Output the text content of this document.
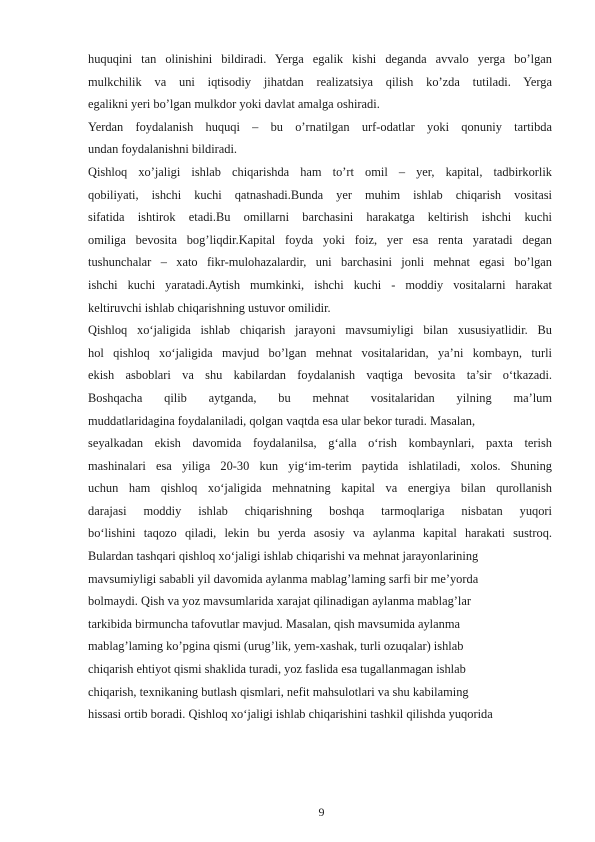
huquqini tan olinishini bildiradi. Yerga egalik kishi deganda avvalo yerga bo’lgan
mulkchilik va uni iqtisodiy jihatdan realizatsiya qilish ko’zda tutiladi. Yerga
egalikni yeri bo’lgan mulkdor yoki davlat amalga oshiradi.
Yerdan foydalanish huquqi – bu o’rnatilgan urf-odatlar yoki qonuniy tartibda
undan foydalanishni bildiradi.
Qishloq xo’jaligi ishlab chiqarishda ham to’rt omil – yer, kapital, tadbirkorlik
qobiliyati, ishchi kuchi qatnashadi.Bunda yer muhim ishlab chiqarish vositasi
sifatida ishtirok etadi.Bu omillarni barchasini harakatga keltirish ishchi kuchi
omiliga bevosita bog’liqdir.Kapital foyda yoki foiz, yer esa renta yaratadi degan
tushunchalar – xato fikr-mulohazalardir, uni barchasini jonli mehnat egasi bo’lgan
ishchi kuchi yaratadi.Aytish mumkinki, ishchi kuchi - moddiy vositalarni harakat
keltiruvchi ishlab chiqarishning ustuvor omilidir.
Qishloq xo‘jaligida ishlab chiqarish jarayoni mavsumiyligi bilan xususiyatlidir. Bu
hol qishloq xo‘jaligida mavjud bo’lgan mehnat vositalaridan, ya’ni kombayn, turli
ekish asboblari va shu kabilardan foydalanish vaqtiga bevosita ta’sir o‘tkazadi.
Boshqacha qilib aytganda, bu mehnat vositalaridan yilning ma’lum
muddatlaridagina foydalaniladi, qolgan vaqtda esa ular bekor turadi. Masalan,
seyalkadan ekish davomida foydalanilsa, g‘alla o‘rish kombaynlari, paxta terish
mashinalari esa yiliga 20-30 kun yig‘im-terim paytida ishlatiladi, xolos. Shuning
uchun ham qishloq xo‘jaligida mehnatning kapital va energiya bilan qurollanish
darajasi moddiy ishlab chiqarishning boshqa tarmoqlariga nisbatan yuqori
bo‘lishini taqozo qiladi, lekin bu yerda asosiy va aylanma kapital harakati sustroq.
Bulardan tashqari qishloq xo‘jaligi ishlab chiqarishi va mehnat jarayonlarining
mavsumiyligi sababli yil davomida aylanma mablag’laming sarfi bir me’yorda
bolmaydi. Qish va yoz mavsumlarida xarajat qilinadigan aylanma mablag’lar
tarkibida birmuncha tafovutlar mavjud. Masalan, qish mavsumida aylanma
mablag’laming ko’pgina qismi (urug’lik, yem-xashak, turli ozuqalar) ishlab
chiqarish ehtiyot qismi shaklida turadi, yoz faslida esa tugallanmagan ishlab
chiqarish, texnikaning butlash qismlari, nefit mahsulotlari va shu kabilaming
hissasi ortib boradi. Qishloq xo‘jaligi ishlab chiqarishini tashkil qilishda yuqorida
9
